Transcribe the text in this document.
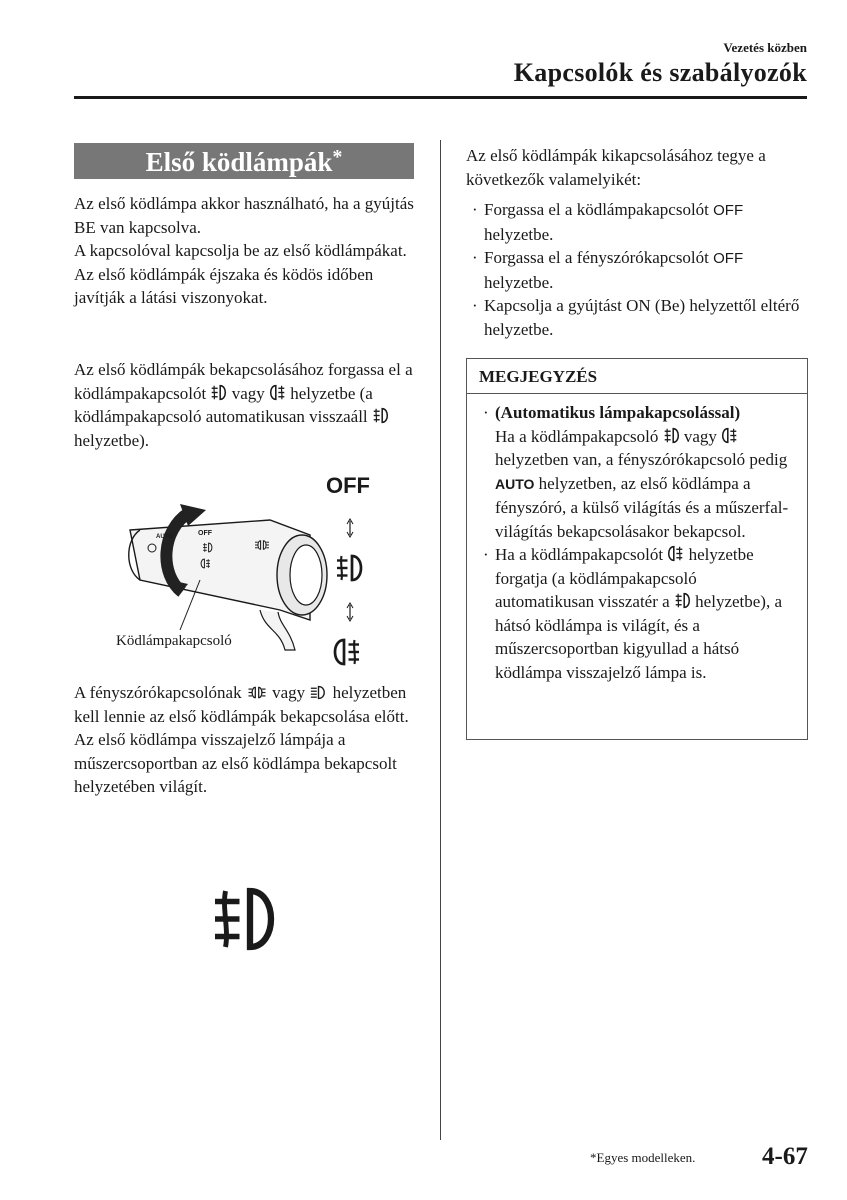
Vezetés közben
Kapcsolók és szabályozók
Első ködlámpák*
Az első ködlámpa akkor használható, ha a gyújtás BE van kapcsolva.
A kapcsolóval kapcsolja be az első ködlámpákat. Az első ködlámpák éjszaka és ködös időben javítják a látási viszonyokat.
Az első ködlámpák bekapcsolásához forgassa el a ködlámpakapcsolót vagy helyzetbe (a ködlámpakapcsoló automatikusan visszaáll  helyzetbe).
OFF
OFF
AUTO
Ködlámpakapcsoló
A fényszórókapcsolónak vagy helyzetben kell lennie az első ködlámpák bekapcsolása előtt.
Az első ködlámpa visszajelző lámpája a műszercsoportban az első ködlámpa bekapcsolt helyzetében világít.
Az első ködlámpák kikapcsolásához tegye a következők valamelyikét:
· Forgassa el a ködlámpakapcsolót OFF helyzetbe.
· Forgassa el a fényszórókapcsolót OFF helyzetbe.
· Kapcsolja a gyújtást ON (Be) helyzettől eltérő helyzetbe.
MEGJEGYZÉS
· (Automatikus lámpakapcsolással)
Ha a ködlámpakapcsoló vagy  helyzetben van, a fényszórókapcsoló pedig AUTO helyzetben, az első ködlámpa a fényszóró, a külső világítás és a műszerfal-világítás bekapcsolásakor bekapcsol.
· Ha a ködlámpakapcsolót helyzetbe forgatja (a ködlámpakapcsoló automatikusan visszatér a helyzetbe), a hátsó ködlámpa is világít, és a műszercsoportban kigyullad a hátsó ködlámpa visszajelző lámpa is.
*Egyes modelleken.	4-67
